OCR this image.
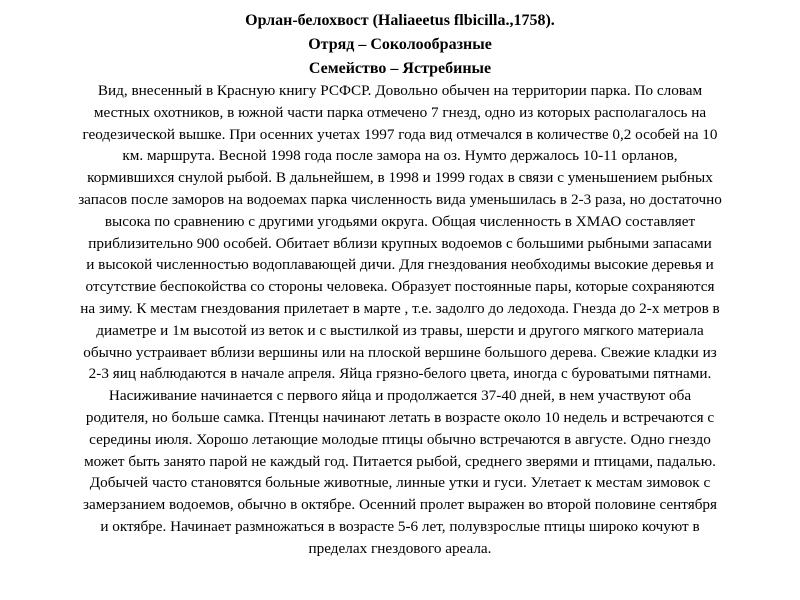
Орлан-белохвост (Haliaeetus flbicilla.,1758).

Отряд – Соколообразные

Семейство – Ястребиные

Вид, внесенный в Красную книгу РСФСР. Довольно обычен на территории парка. По словам
местных охотников, в южной части парка отмечено 7 гнезд, одно из которых располагалось на
геодезической вышке. При осенних учетах 1997 года вид отмечался в количестве 0,2 особей на 10
км. маршрута. Весной 1998 года после замора на оз. Нумто держалось 10-11 орланов,
кормившихся снулой рыбой. В дальнейшем, в 1998 и 1999 годах в связи с уменьшением рыбных
запасов после заморов на водоемах парка численность вида уменьшилась в 2-3 раза, но достаточно
высока по сравнению с другими угодьями округа. Общая численность в ХМАО составляет
приблизительно 900 особей. Обитает вблизи крупных водоемов с большими рыбными запасами
и высокой численностью водоплавающей дичи. Для гнездования необходимы высокие деревья и
отсутствие беспокойства со стороны человека. Образует постоянные пары, которые сохраняются
на зиму. К местам гнездования прилетает в марте , т.е. задолго до ледохода. Гнезда до 2-х метров в
диаметре и 1м высотой из веток и с выстилкой из травы, шерсти и другого мягкого материала
обычно устраивает вблизи вершины или на плоской вершине большого дерева. Свежие кладки из
2-3 яиц наблюдаются в начале апреля. Яйца грязно-белого цвета, иногда с буроватыми пятнами.
Насиживание начинается с первого яйца и продолжается 37-40 дней, в нем участвуют оба
родителя, но больше самка. Птенцы начинают летать в возрасте около 10 недель и встречаются с
середины июля. Хорошо летающие молодые птицы обычно встречаются в августе. Одно гнездо
может быть занято парой не каждый год. Питается рыбой, среднего зверями и птицами, падалью.
Добычей часто становятся больные животные, линные утки и гуси. Улетает к местам зимовок с
замерзанием водоемов, обычно в октябре. Осенний пролет выражен во второй половине сентября
и октябре. Начинает размножаться в возрасте 5-6 лет, полувзрослые птицы широко кочуют в
пределах гнездового ареала.
